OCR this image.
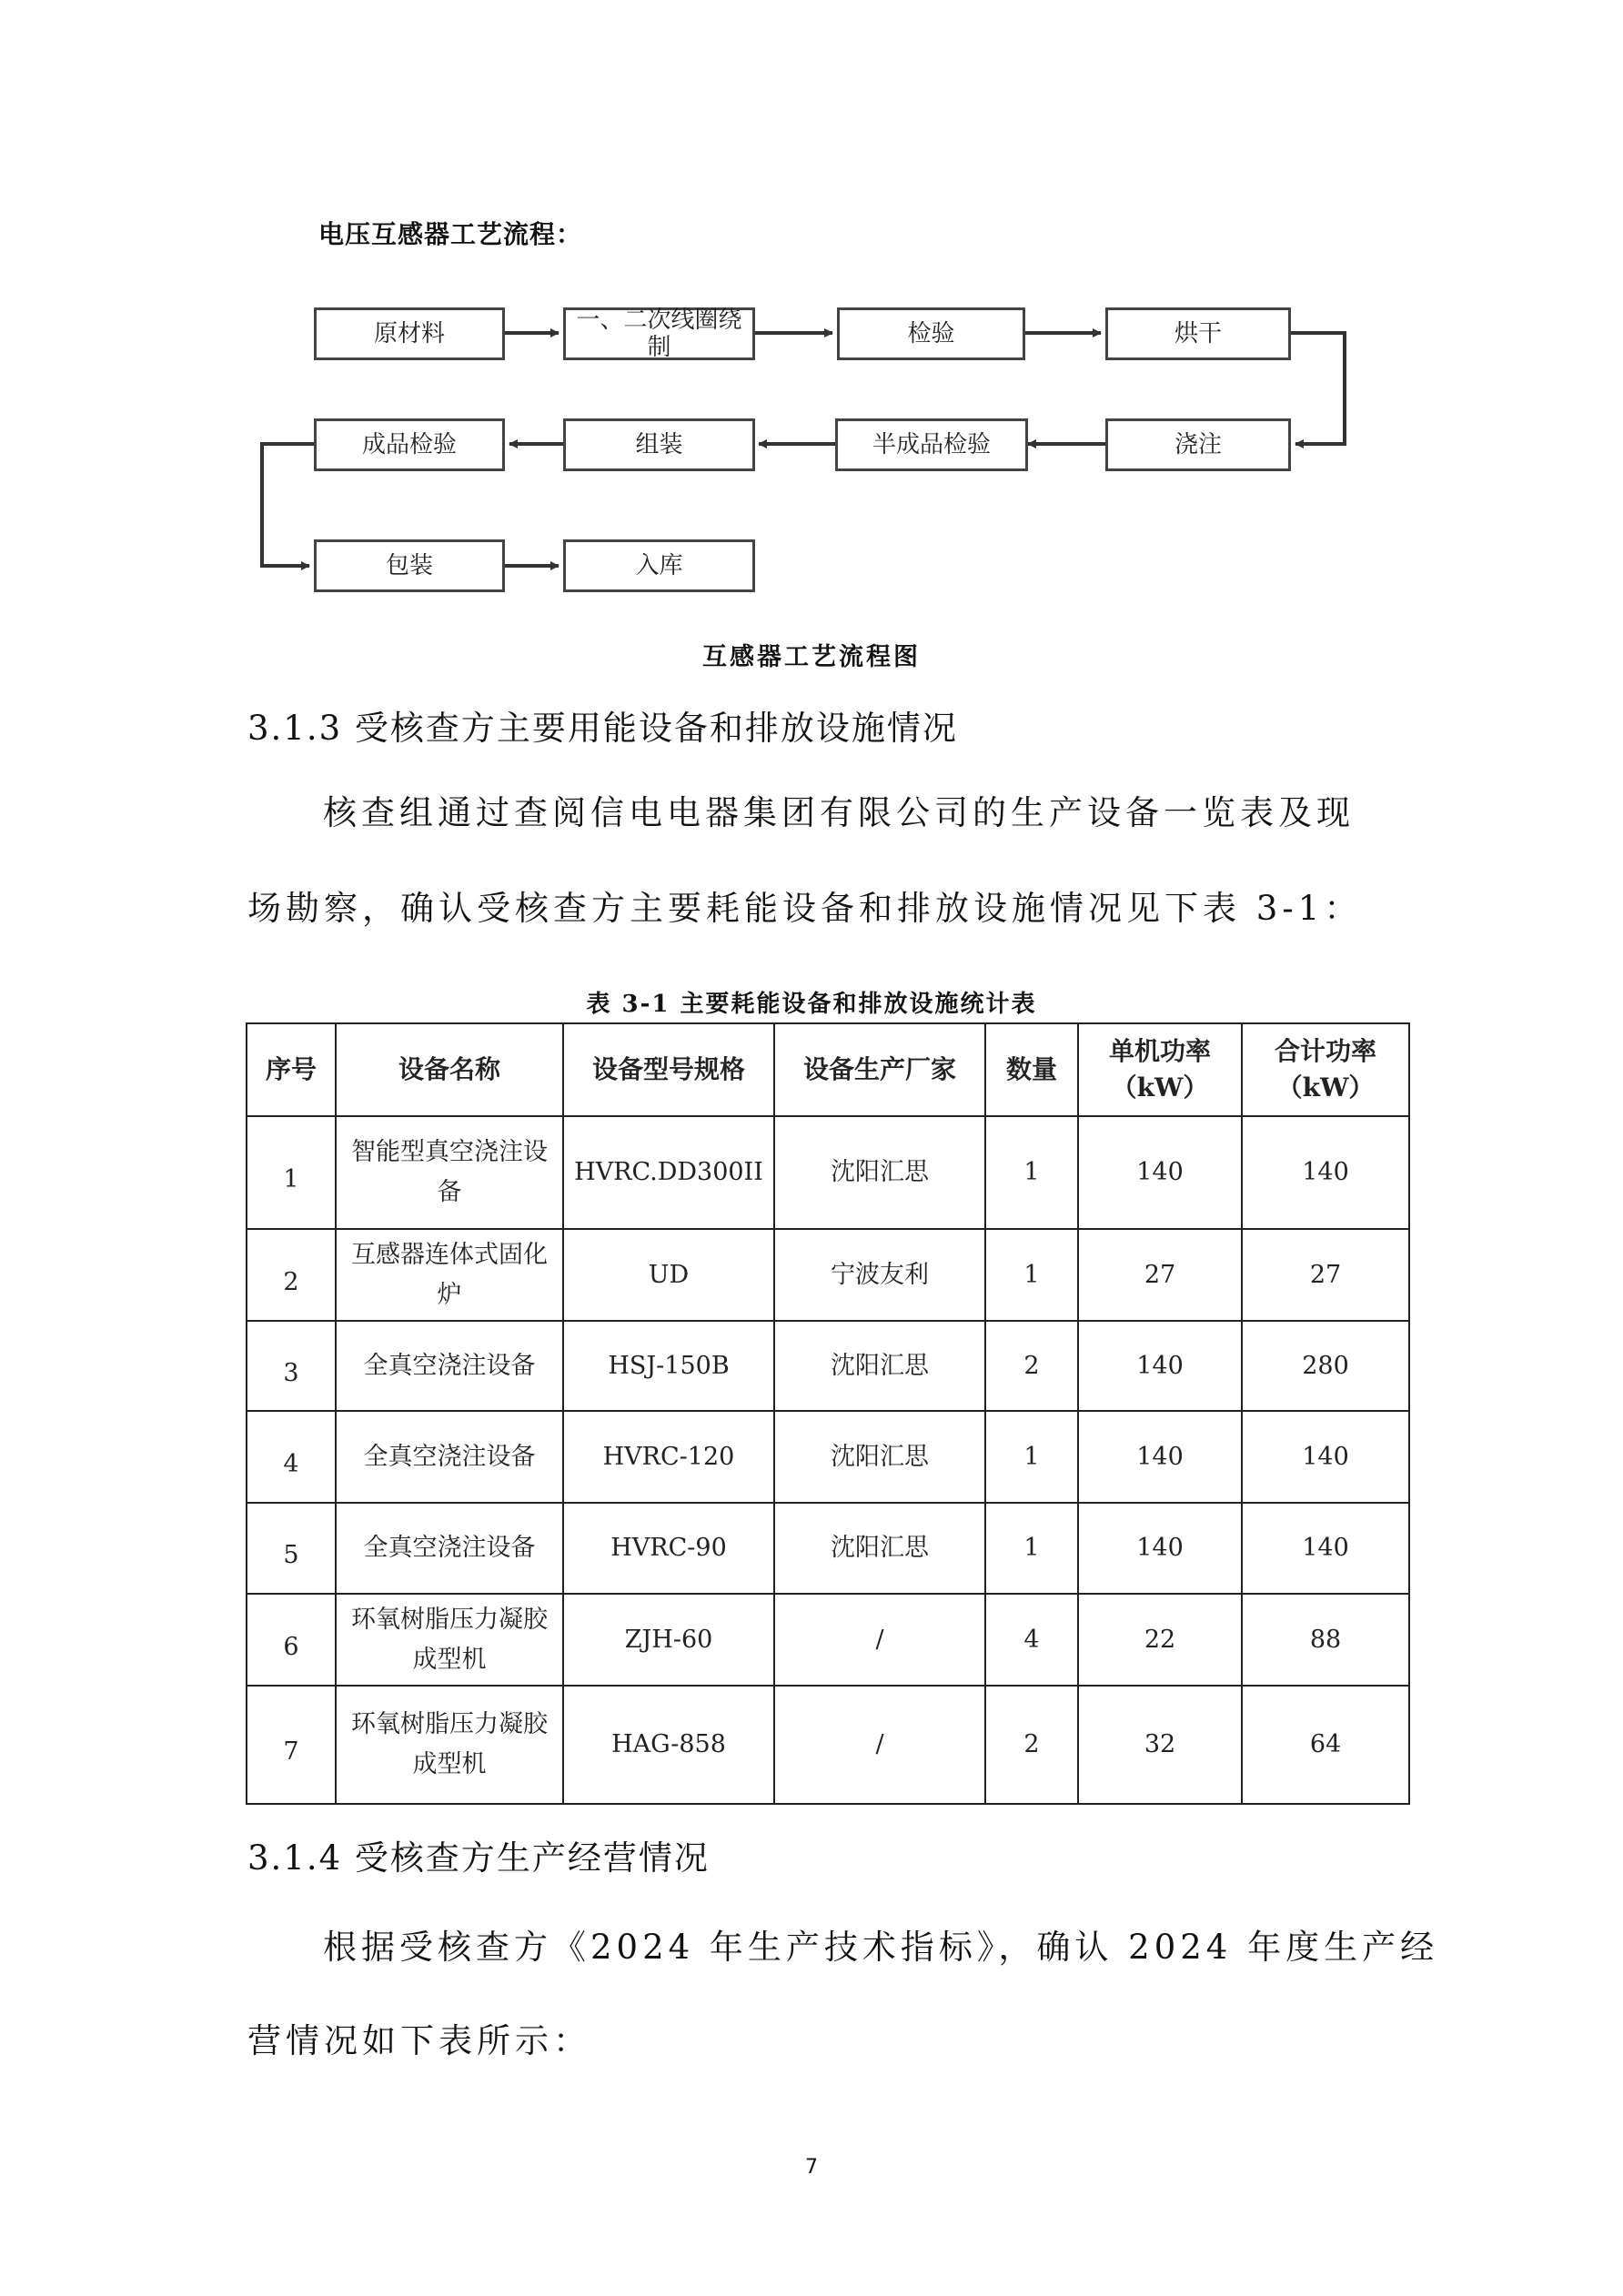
电压互感器工艺流程：
原材料	一、二次线圈绕制	检验	烘干
浇注
半成品检验
组装
成品检验
包装	入库
互感器工艺流程图
3.1.3 受核查方主要用能设备和排放设施情况
核查组通过查阅信电电器集团有限公司的生产设备一览表及现
场勘察，确认受核查方主要耗能设备和排放设施情况见下表 3-1：
表 3-1 主要耗能设备和排放设施统计表
序号	设备名称	设备型号规格	设备生产厂家	数量	单机功率（kW）	合计功率（kW）
1	智能型真空浇注设备	HVRC.DD300II	沈阳汇思	1	140	140
2	互感器连体式固化炉	UD	宁波友利	1	27	27
3	全真空浇注设备	HSJ-150B	沈阳汇思	2	140	280
4	全真空浇注设备	HVRC-120	沈阳汇思	1	140	140
5	全真空浇注设备	HVRC-90	沈阳汇思	1	140	140
6	环氧树脂压力凝胶成型机	ZJH-60	/	4	22	88
7	环氧树脂压力凝胶成型机	HAG-858	/	2	32	64
3.1.4 受核查方生产经营情况
根据受核查方《2024 年生产技术指标》，确认 2024 年度生产经
营情况如下表所示：
7
